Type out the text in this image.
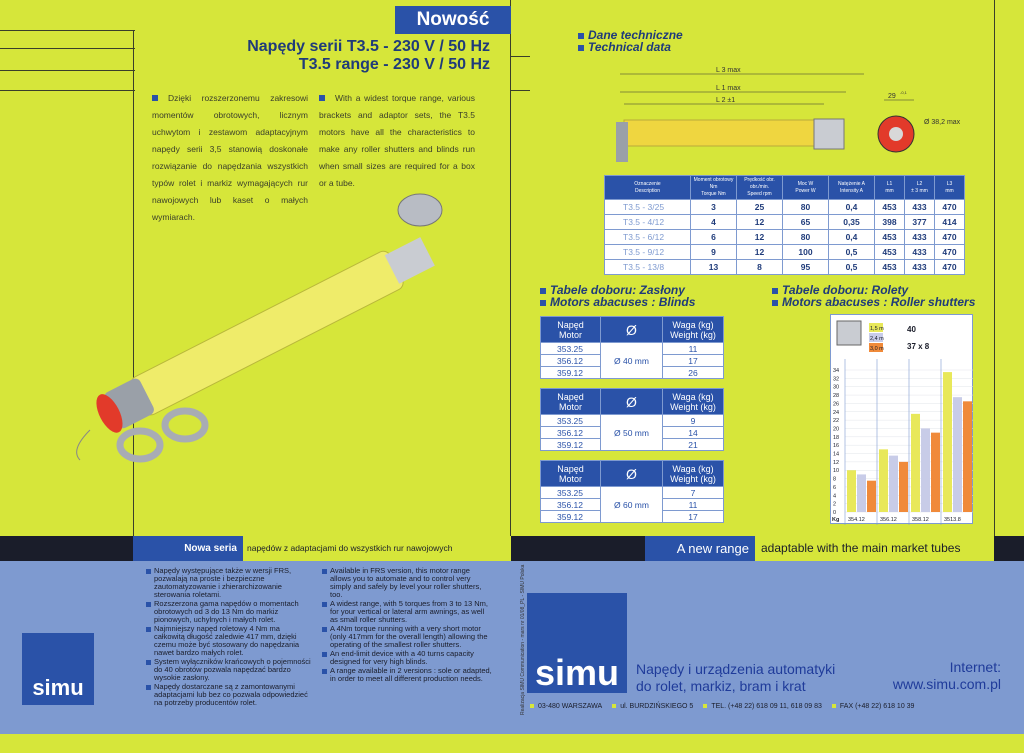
Nowość
Napędy serii T3.5 - 230 V / 50 Hz
T3.5 range - 230 V / 50 Hz
Dzięki rozszerzonemu zakresowi momentów obrotowych, licznym uchwytom i zestawom adaptacyjnym napędy serii 3,5 stanowią doskonałe rozwiązanie do napędzania wszystkich typów rolet i markiz wymagających rur nawojowych lub kaset o małych wymiarach.
With a widest torque range, various brackets and adaptor sets, the T3.5 motors have all the characteristics to make any roller shutters and blinds run when small sizes are required for a box or a tube.
Dane techniczne
Technical data
L 3 max
L 1 max
L 2 ±1
29
-0,1
Ø 38,2 max
Oznaczenie
Description	Moment obrotowy Nm
Torque Nm	Prędkość obr. obr./min.
Speed rpm	Moc W
Power W	Natężenie A
Intensity A	L1
mm	L2
± 3 mm	L3
mm
T3.5 - 3/25	3	25	80	0,4	453	433	470
T3.5 - 4/12	4	12	65	0,35	398	377	414
T3.5 - 6/12	6	12	80	0,4	453	433	470
T3.5 - 9/12	9	12	100	0,5	453	433	470
T3.5 - 13/8	13	8	95	0,5	453	433	470
Tabele doboru: Zasłony
Motors abacuses : Blinds
Napęd
Motor	Ø	Waga (kg)
Weight (kg)
353.25	Ø 40 mm	11
356.12		17
359.12		26
Napęd
Motor	Ø	Waga (kg)
Weight (kg)
353.25	Ø 50 mm	9
356.12		14
359.12		21
Napęd
Motor	Ø	Waga (kg)
Weight (kg)
353.25	Ø 60 mm	7
356.12		11
359.12		17
Tabele doboru: Rolety
Motors abacuses : Roller shutters
1,5 m
2,4 m
3,0 m
40
37 x 8
0
2
4
6
8
10
12
14
16
18
20
22
24
26
28
30
32
34
Kg 354.12	356.12	358.12	3513.8
Nowa seria	napędów z adaptacjami do wszystkich rur nawojowych	A new range	adaptable with the main market tubes
simu

Napędy występujące także w wersji FRS, pozwalają na proste i bezpieczne zautomatyzowanie i zhierarchizowanie sterowania roletami.

Rozszerzona gama napędów o momentach obrotowych od 3 do 13 Nm do markiz pionowych, uchylnych i małych rolet.

Najmniejszy napęd roletowy 4 Nm ma całkowitą długość zaledwie 417 mm, dzięki czemu może być stosowany do napędzania nawet bardzo małych rolet.

System wyłączników krańcowych o pojemności do 40 obrotów pozwala napędzać bardzo wysokie zasłony.

Napędy dostarczane są z zamontowanymi adaptacjami lub bez co pozwala odpowiedzieć na potrzeby producentów rolet.

Available in FRS version, this motor range allows you to automate and to control very simply and safely by level your roller shutters, too.

A widest range, with 5 torques from 3 to 13 Nm, for your vertical or lateral arm awnings, as well as small roller shutters.

A 4Nm torque running with a very short motor (only 417mm for the overall length) allowing the operating of the smallest roller shutters.

An end-limit device with a 40 turns capacity designed for very high blinds.

A range available in 2 versions : sole or adapted, in order to meet all different production needs.	Realizacja SIMU Communication - mars nr 01/08_PL - SIMU Polska simu	Napędy i urządzenia automatyki
do rolet, markiz, bram i krat
Internet:
www.simu.com.pl
03-480 WARSZAWA	ul. BURDZIŃSKIEGO 5	TEL. (+48 22) 618 09 11, 618 09 83	FAX (+48 22) 618 10 39
